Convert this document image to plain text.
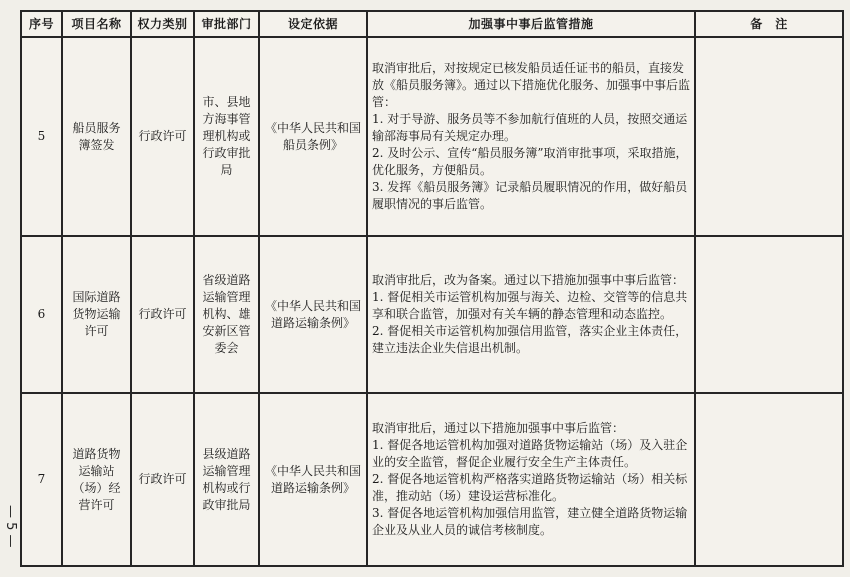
序号	项目名称	权力类别	审批部门	设定依据	加强事中事后监管措施	备　注
5	船员服务簿签发	行政许可	市、县地方海事管理机构或行政审批局	《中华人民共和国船员条例》	取消审批后，对按规定已核发船员适任证书的船员，直接发放《船员服务簿》。通过以下措施优化服务、加强事中事后监管：

1. 对于导游、服务员等不参加航行值班的人员，按照交通运输部海事局有关规定办理。

2. 及时公示、宣传“船员服务簿”取消审批事项，采取措施，优化服务，方便船员。

3. 发挥《船员服务簿》记录船员履职情况的作用，做好船员履职情况的事后监管。	

6	国际道路货物运输许可	行政许可	省级道路运输管理机构、雄安新区管委会	《中华人民共和国道路运输条例》	取消审批后，改为备案。通过以下措施加强事中事后监管：

1. 督促相关市运管机构加强与海关、边检、交管等的信息共享和联合监管，加强对有关车辆的静态管理和动态监控。

2. 督促相关市运管机构加强信用监管，落实企业主体责任，建立违法企业失信退出机制。	

7	道路货物运输站（场）经营许可	行政许可	县级道路运输管理机构或行政审批局	《中华人民共和国道路运输条例》	取消审批后，通过以下措施加强事中事后监管：

1. 督促各地运管机构加强对道路货物运输站（场）及入驻企业的安全监管，督促企业履行安全生产主体责任。

2. 督促各地运管机构严格落实道路货物运输站（场）相关标准，推动站（场）建设运营标准化。

3. 督促各地运管机构加强信用监管，建立健全道路货物运输企业及从业人员的诚信考核制度。	

— 5 —
